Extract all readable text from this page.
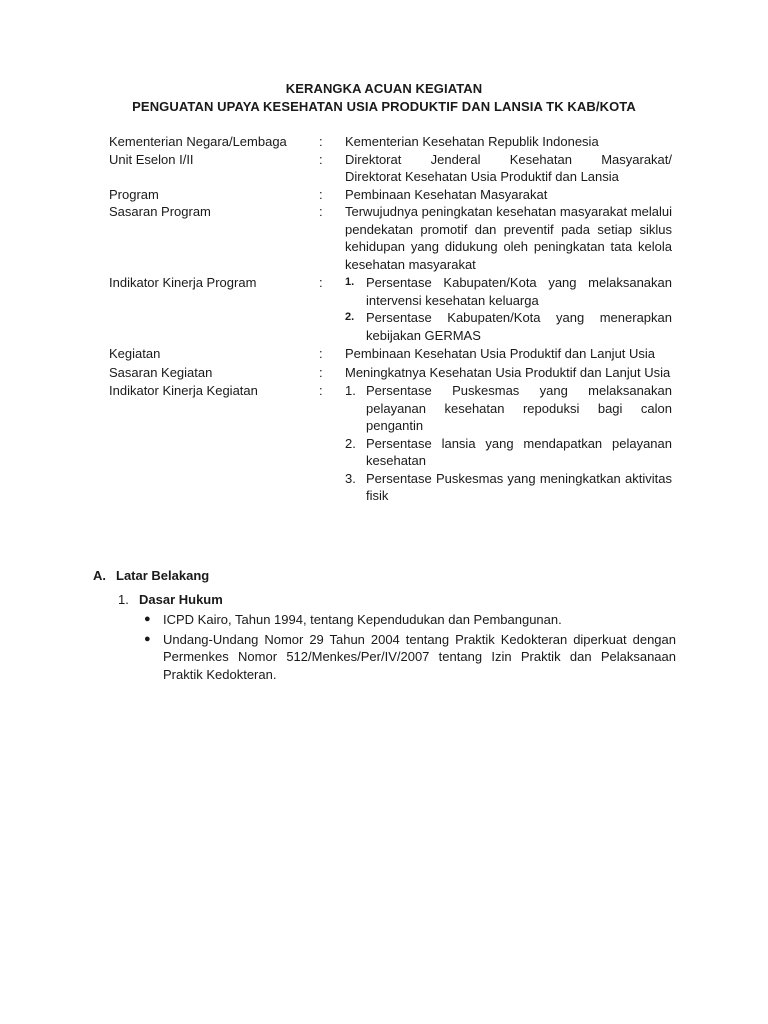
KERANGKA ACUAN KEGIATAN
PENGUATAN UPAYA KESEHATAN USIA PRODUKTIF DAN LANSIA TK KAB/KOTA
Kementerian Negara/Lembaga	:	Kementerian Kesehatan Republik Indonesia
Unit Eselon I/II	:	Direktorat Jenderal Kesehatan Masyarakat/
Direktorat Kesehatan Usia Produktif dan Lansia
Program	:	Pembinaan Kesehatan Masyarakat
Sasaran Program	:	Terwujudnya peningkatan kesehatan masyarakat melalui pendekatan promotif dan preventif pada setiap siklus kehidupan yang didukung oleh peningkatan tata kelola kesehatan masyarakat
Indikator Kinerja Program	:	1. Persentase Kabupaten/Kota yang melaksanakan intervensi kesehatan keluarga
2. Persentase Kabupaten/Kota yang menerapkan kebijakan GERMAS
Kegiatan	:	Pembinaan Kesehatan Usia Produktif dan Lanjut Usia
Sasaran Kegiatan	:	Meningkatnya Kesehatan Usia Produktif dan Lanjut Usia
Indikator Kinerja Kegiatan	:	1. Persentase Puskesmas yang melaksanakan pelayanan kesehatan repoduksi bagi calon pengantin
2. Persentase lansia yang mendapatkan pelayanan kesehatan
3. Persentase Puskesmas yang meningkatkan aktivitas fisik
A. Latar Belakang
1. Dasar Hukum
● ICPD Kairo, Tahun 1994, tentang Kependudukan dan Pembangunan.
● Undang-Undang Nomor 29 Tahun 2004 tentang Praktik Kedokteran diperkuat dengan Permenkes Nomor 512/Menkes/Per/IV/2007 tentang Izin Praktik dan Pelaksanaan Praktik Kedokteran.
